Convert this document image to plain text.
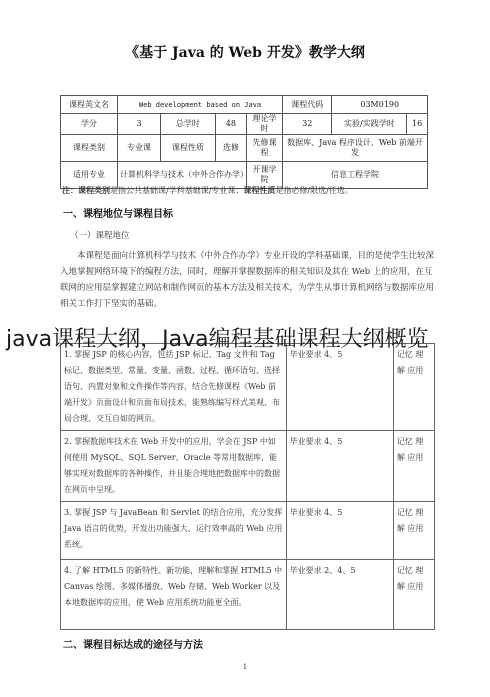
《基于 Java 的 Web 开发》教学大纲
课程英文名	Web development based on Java				课程代码	03M0190	
学分	3	总学时	48	理论学时	32	实验/实践学时	16
课程类别	专业课	课程性质	选修	先修课程	数据库、Java 程序设计、Web 前端开发		
适用专业	计算机科学与技术（中外合作办学）			开课学院	信息工程学院		
注：课程类别是指公共基础课/学科基础课/专业课；课程性质是指必修/限选/任选。
一、课程地位与课程目标
（一）课程地位
本课程是面向计算机科学与技术（中外合作办学）专业开设的学科基础课，目的是使学生比较深入地掌握网络环境下的编程方法，同时，理解并掌握数据库的相关知识及其在 Web 上的应用，在互联网的应用层掌握建立网站和制作网页的基本方法及相关技术，为学生从事计算机网络与数据库应用相关工作打下坚实的基础。
1. 掌握 JSP 的核心内容，包括 JSP 标记、Tag 文件和 Tag 标记、数据类型、常量、变量、函数、过程、循环语句、选择语句、内置对象和文件操作等内容，结合先修课程《Web 前端开发》页面设计和页面布局技术，能熟练编写样式美观、布局合理、交互自如的网页。	毕业要求 4、5	记忆 理解 应用
2. 掌握数据库技术在 Web 开发中的应用，学会在 JSP 中如何使用 MySQL、SQL Server、Oracle 等常用数据库，能够实现对数据库的各种操作，并且能合理地把数据库中的数据在网页中呈现。	毕业要求 4、5	记忆 理解 应用
3. 掌握 JSP 与 JavaBean 和 Servlet 的结合应用，充分发挥 Java 语言的优势，开发出功能强大、运行效率高的 Web 应用系统。	毕业要求 4、5	记忆 理解 应用
4. 了解 HTML5 的新特性、新功能，理解和掌握 HTML5 中 Canvas 绘图、多媒体播放、Web 存储、Web Worker 以及本地数据库的应用，使 Web 应用系统功能更全面。	毕业要求 2、4、5	记忆 理解 应用
java课程大纲，Java编程基础课程大纲概览
二、课程目标达成的途径与方法
1
